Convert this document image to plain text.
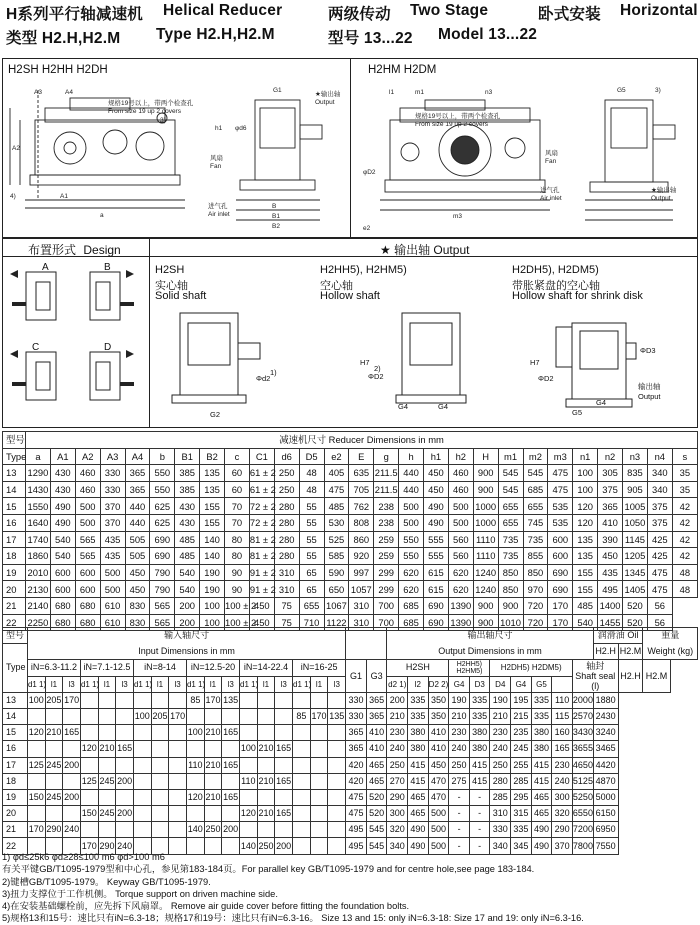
H系列平行轴减速机 Helical Reducer	两级传动 Two Stage	卧式安装 Horizontal
类型 H2.H,H2.M Type H2.H,H2.M	型号 13...22 Model 13...22
H2SH H2HH H2DH	H2HM H2DM
A3	A4
A2
a
A1
G1
B1
B
B2
4)
规格19号以上，带两个检查孔
From size 19 up 2 covers
★输出轴
Output
风扇
Fan
进气孔
Air inlet
h1 φd6
3)
l1	m1	n3
φD2
e2
m3
规格19号以上，带两个检查孔
From size 19 up 2 covers
★输出轴
Output
风扇
Fan
进气孔
Air inlet
G5	3)
布置形式 Design	★ 输出轴 Output
A	B
C	D
H2SH
实心轴
Solid shaft
H2HH5), H2HM5)
空心轴
Hollow shaft
H2DH5), H2DM5)
带胀紧盘的空心轴
Hollow shaft for shrink disk
G2
Φd2
1)
G4	G4
H7
ΦD2
2)
G5
G4
H7
ΦD2
ΦD3
输出轴
Output
型号	减速机尺寸 Reducer Dimensions in mm																										
Type	a	A1	A2	A3	A4	b	B1	B2	c	C1	d6	D5	e2	E	g	h	h1	h2	H	m1	m2	m3	n1	n2	n3	n4	s
13	1290	430	460	330	365	550	385	135	60	61 ± 2	250	48	405	635	211.5	440	450	460	900	545	545	475	100	305	835	340	35
14	1430	430	460	330	365	550	385	135	60	61 ± 2	250	48	475	705	211.5	440	450	460	900	545	685	475	100	375	905	340	35
15	1550	490	500	370	440	625	430	155	70	72 ± 2	280	55	485	762	238	500	490	500	1000	655	655	535	120	365	1005	375	42
16	1640	490	500	370	440	625	430	155	70	72 ± 2	280	55	530	808	238	500	490	500	1000	655	745	535	120	410	1050	375	42
17	1740	540	565	435	505	690	485	140	80	81 ± 2	280	55	525	860	259	550	555	560	1110	735	735	600	135	390	1145	425	42
18	1860	540	565	435	505	690	485	140	80	81 ± 2	280	55	585	920	259	550	555	560	1110	735	855	600	135	450	1205	425	42
19	2010	600	600	500	450	790	540	190	90	91 ± 2	310	65	590	997	299	620	615	620	1240	850	850	690	155	435	1345	475	48
20	2130	600	600	500	450	790	540	190	90	91 ± 2	310	65	650	1057	299	620	615	620	1240	850	970	690	155	495	1405	475	48
21	2140	680	680	610	830	565	200	100	100 ± 2	450	75	655	1067	310	700	685	690	1390	900	900	720	170	485	1400	520	56	
22	2250	680	680	610	830	565	200	100	100 ± 2	450	75	710	1122	310	700	685	690	1390	900	1010	720	170	540	1455	520	56	
型号	输入轴尺寸																				输出轴尺寸										润滑油 Oil		重量
Type	Input Dimensions in mm																				Output Dimensions in mm										H2.H	H2.M	Weight (kg)
	iN=6.3-11.2			iN=7.1-12.5			iN=8-14			iN=12.5-20			iN=14-22.4			iN=16-25			G1	G3	H2SH			H2HH5) H2HM5)		H2DH5) H2DM5)				轴封
Shaft seal
(l)		H2.H	H2.M
	d1 1)	l1	l3	d1 1)	l1	l3	d1 1)	l1	l3	d1 1)	l1	l3	d1 1)	l1	l3	d1 1)	l1	l3			d2 1)	l2	D2 2)	G4	D3	D4	G4	G5					
13	100	205	170							85	170	135							330	365	200	335	350	190	335	190	195	335	110	2000	1880		
14							100	205	170							85	170	135	330	365	210	335	350	210	335	210	215	335	115	2570	2430		
15	120	210	165							100	210	165							365	410	230	380	410	230	380	230	235	380	160	3430	3240		
16				120	210	165							100	210	165				365	410	240	380	410	240	380	240	245	380	165	3655	3465		
17	125	245	200							110	210	165							420	465	250	415	450	250	415	250	255	415	230	4650	4420		
18				125	245	200							110	210	165				420	465	270	415	470	275	415	280	285	415	240	5125	4870		
19	150	245	200							120	210	165							475	520	290	465	470	-	-	285	295	465	300	5250	5000		
20				150	245	200							120	210	165				475	520	300	465	500	-	-	310	315	465	320	6550	6150		
21	170	290	240							140	250	200							495	545	320	490	500	-	-	330	335	490	290	7200	6950		
22				170	290	240							140	250	200				495	545	340	490	500	-	-	340	345	490	370	7800	7550		
1) φd≤25k6 φd≥28≤100 m6 φd>100 m6
有关平键GB/T1095-1979型和中心孔，参见第183-184页。For parallel key GB/T1095-1979 and for centre hole,see page 183-184.
2)键槽GB/T1095-1979。 Keyway GB/T1095-1979.
3)扭力支撑位于工作机侧。 Torque support on driven machine side.
4)在安装基础螺栓前，应先拆下风扇罩。 Remove air guide cover before fitting the foundation bolts.
5)规格13和15号：速比只有iN=6.3-18；规格17和19号：速比只有iN=6.3-16。 Size 13 and 15: only iN=6.3-18: Size 17 and 19: only iN=6.3-16.
